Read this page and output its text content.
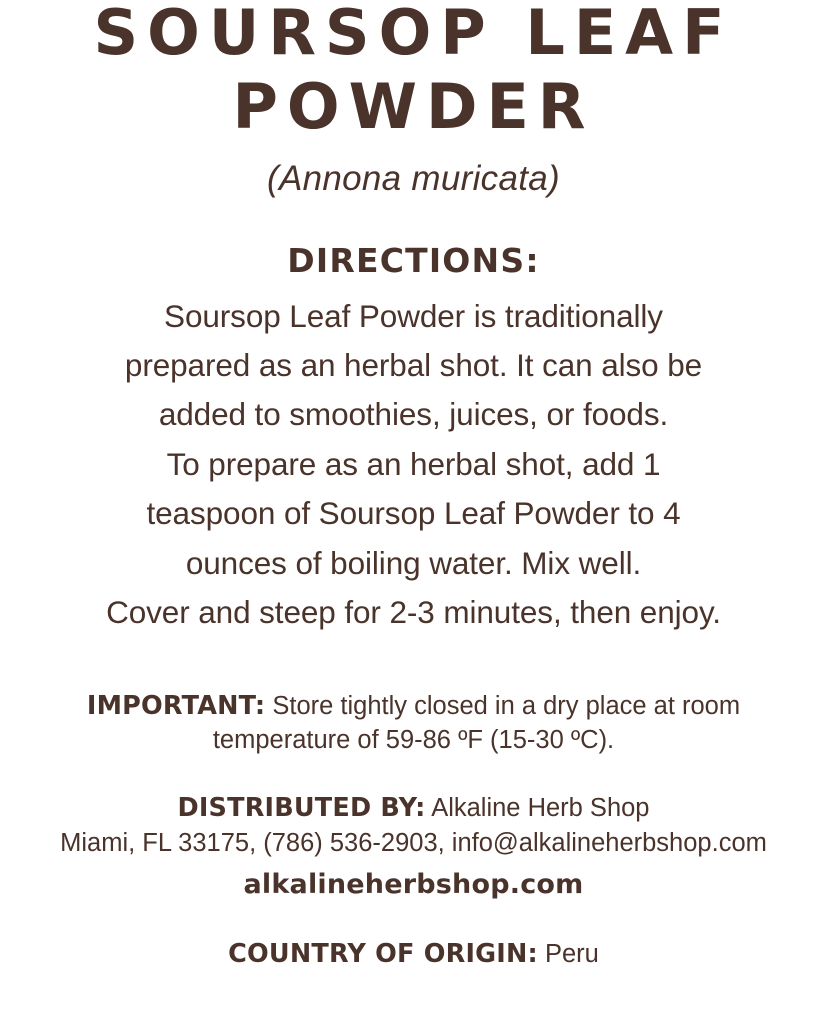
SOURSOP LEAF
POWDER
(Annona muricata)
DIRECTIONS:
Soursop Leaf Powder is traditionally
prepared as an herbal shot. It can also be
added to smoothies, juices, or foods.
To prepare as an herbal shot, add 1
teaspoon of Soursop Leaf Powder to 4
ounces of boiling water. Mix well.
Cover and steep for 2-3 minutes, then enjoy.
IMPORTANT: Store tightly closed in a dry place at room
temperature of 59-86 ºF (15-30 ºC).
DISTRIBUTED BY: Alkaline Herb Shop
Miami, FL 33175, (786) 536-2903, info@alkalineherbshop.com
alkalineherbshop.com
COUNTRY OF ORIGIN: Peru
